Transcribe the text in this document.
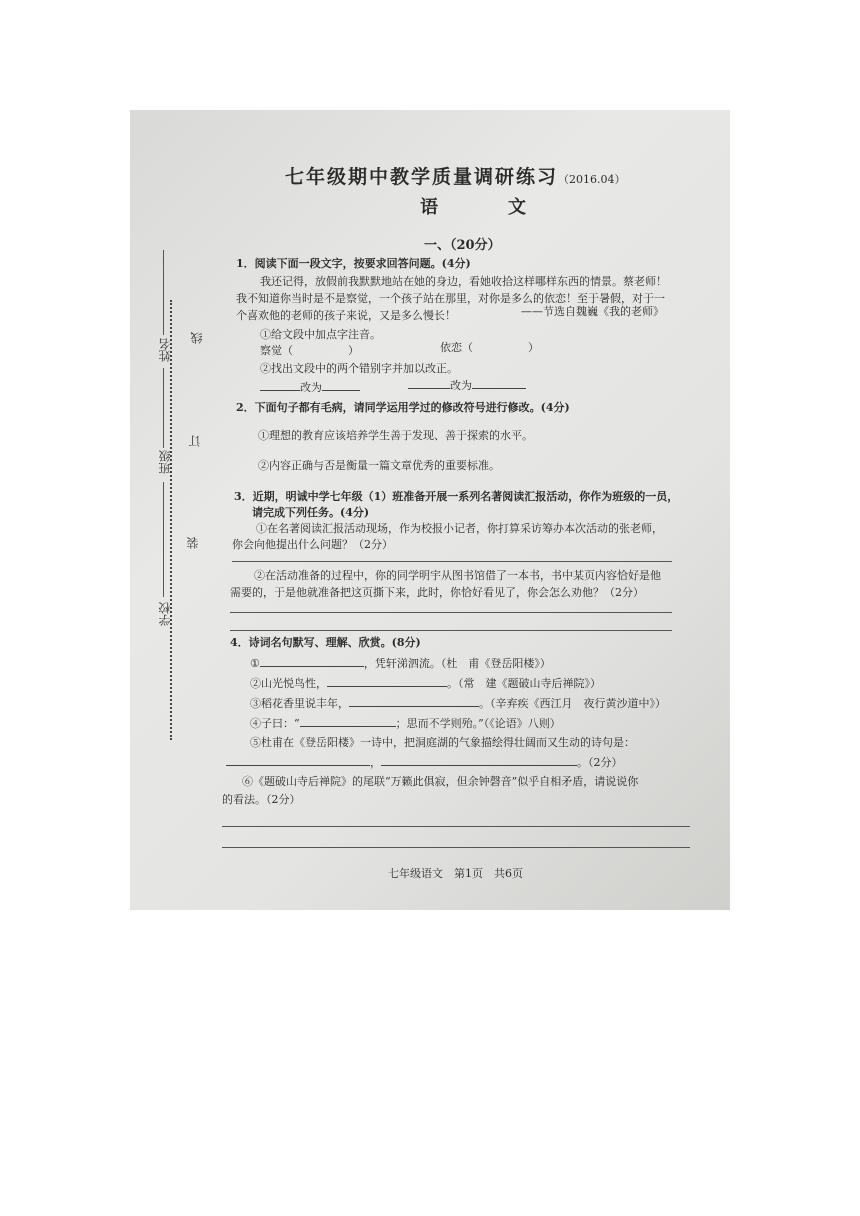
姓名
班级
学校
线
订
装
七年级期中教学质量调研练习（2016.04）
语　文
一、（20分）
1．阅读下面一段文字，按要求回答问题。(4分)
我还记得，放假前我默默地站在她的身边，看她收拾这样哪样东西的情景。蔡老师！
我不知道你当时是不是察觉，一个孩子站在那里，对你是多么的依恋！至于暑假，对于一
个喜欢他的老师的孩子来说，又是多么慢长！	——节选自魏巍《我的老师》
①给文段中加点字注音。
察觉（　　　　　）	依恋（　　　　　）
②找出文段中的两个错别字并加以改正。
改为	改为
2．下面句子都有毛病，请同学运用学过的修改符号进行修改。(4分)
①理想的教育应该培养学生善于发现、善于探索的水平。
②内容正确与否是衡量一篇文章优秀的重要标准。
3．近期，明诚中学七年级（1）班准备开展一系列名著阅读汇报活动，你作为班级的一员，
请完成下列任务。(4分)
①在名著阅读汇报活动现场，作为校报小记者，你打算采访筹办本次活动的张老师，
你会向他提出什么问题？（2分）
②在活动准备的过程中，你的同学明宇从图书馆借了一本书，书中某页内容恰好是他
需要的，于是他就准备把这页撕下来，此时，你恰好看见了，你会怎么劝他？（2分）
4．诗词名句默写、理解、欣赏。(8分)
①	，凭轩涕泗流。（杜　甫《登岳阳楼》）
②山光悦鸟性，	。（常　建《题破山寺后禅院》）
③稻花香里说丰年，	。（辛弃疾《西江月　夜行黄沙道中》）
④子曰：“	；思而不学则殆。”（《论语》八则）
⑤杜甫在《登岳阳楼》一诗中，把洞庭湖的气象描绘得壮阔而又生动的诗句是：
，	。（2分）
⑥《题破山寺后禅院》的尾联“万籁此俱寂，但余钟磬音”似乎自相矛盾，请说说你
的看法。（2分）
七年级语文　第1页　共6页
